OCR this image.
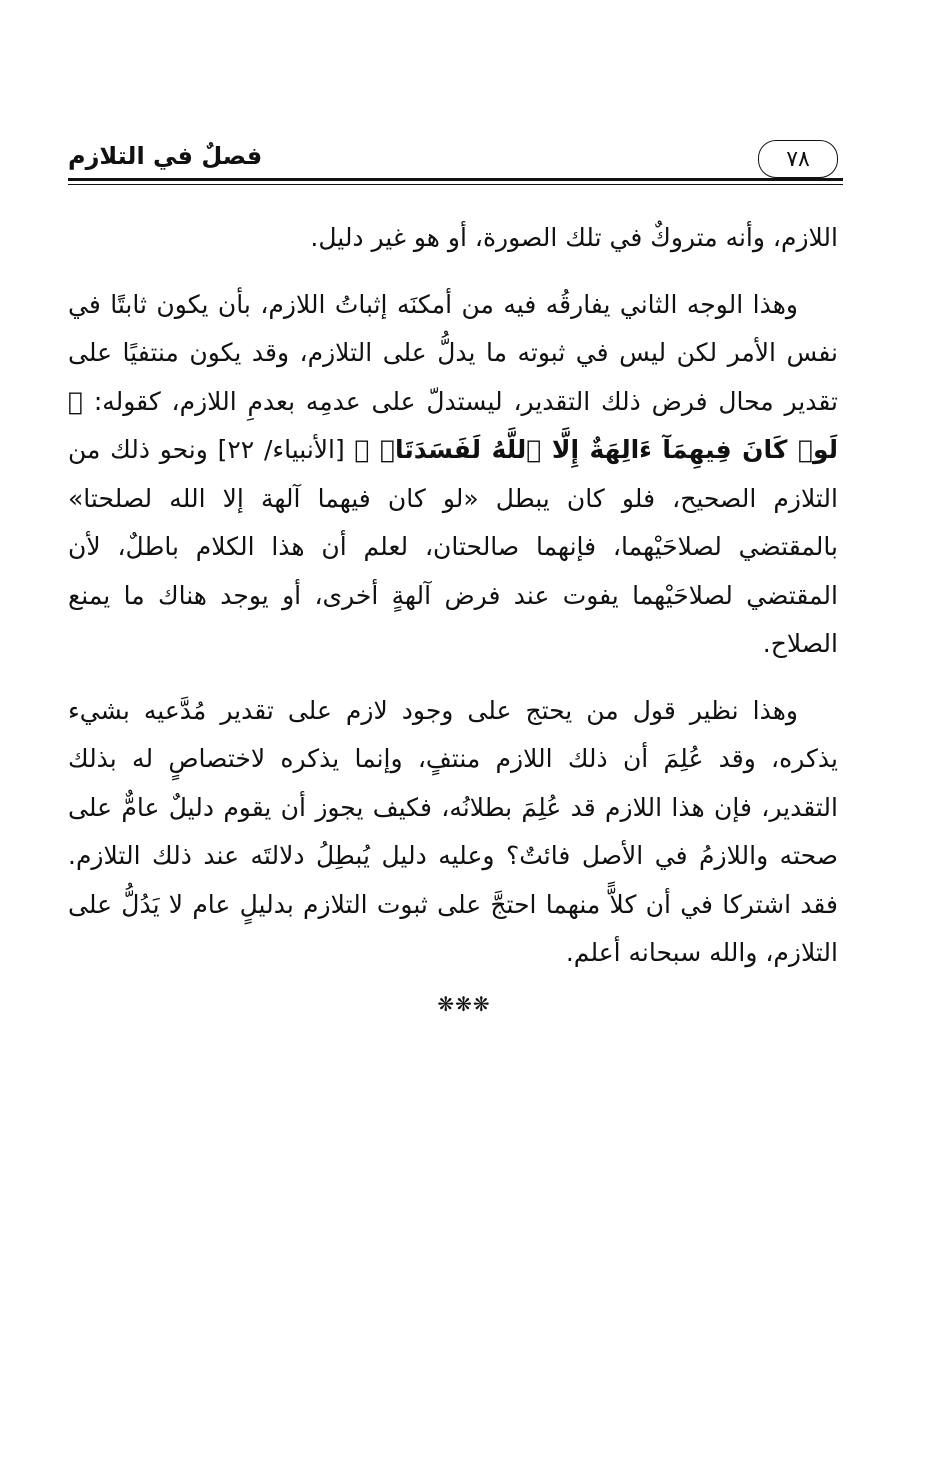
٧٨
فصلٌ في التلازم

اللازم، وأنه متروكٌ في تلك الصورة، أو هو غير دليل.

وهذا الوجه الثاني يفارقُه فيه من أمكنَه إثباتُ اللازم، بأن يكون ثابتًا في نفس الأمر لكن ليس في ثبوته ما يدلُّ على التلازم، وقد يكون منتفيًا على تقدير محال فرض ذلك التقدير، ليستدلّ على عدمِه بعدمِ اللازم، كقوله: ﴿ لَوۡ كَانَ فِيهِمَآ ءَالِهَةٌ إِلَّا ٱللَّهُ لَفَسَدَتَاۚ ﴾ [الأنبياء/ ٢٢] ونحو ذلك من التلازم الصحيح، فلو كان يبطل «لو كان فيهما آلهة إلا الله لصلحتا» بالمقتضي لصلاحَيْهما، فإنهما صالحتان، لعلم أن هذا الكلام باطلٌ، لأن المقتضي لصلاحَيْهما يفوت عند فرض آلهةٍ أخرى، أو يوجد هناك ما يمنع الصلاح.

وهذا نظير قول من يحتج على وجود لازم على تقدير مُدَّعيه بشيء يذكره، وقد عُلِمَ أن ذلك اللازم منتفٍ، وإنما يذكره لاختصاصٍ له بذلك التقدير، فإن هذا اللازم قد عُلِمَ بطلانُه، فكيف يجوز أن يقوم دليلٌ عامٌّ على صحته واللازمُ في الأصل فائتٌ؟ وعليه دليل يُبطِلُ دلالتَه عند ذلك التلازم. فقد اشتركا في أن كلاًّ منهما احتجَّ على ثبوت التلازم بدليلٍ عام لا يَدُلُّ على التلازم، والله سبحانه أعلم.

❋❋❋
